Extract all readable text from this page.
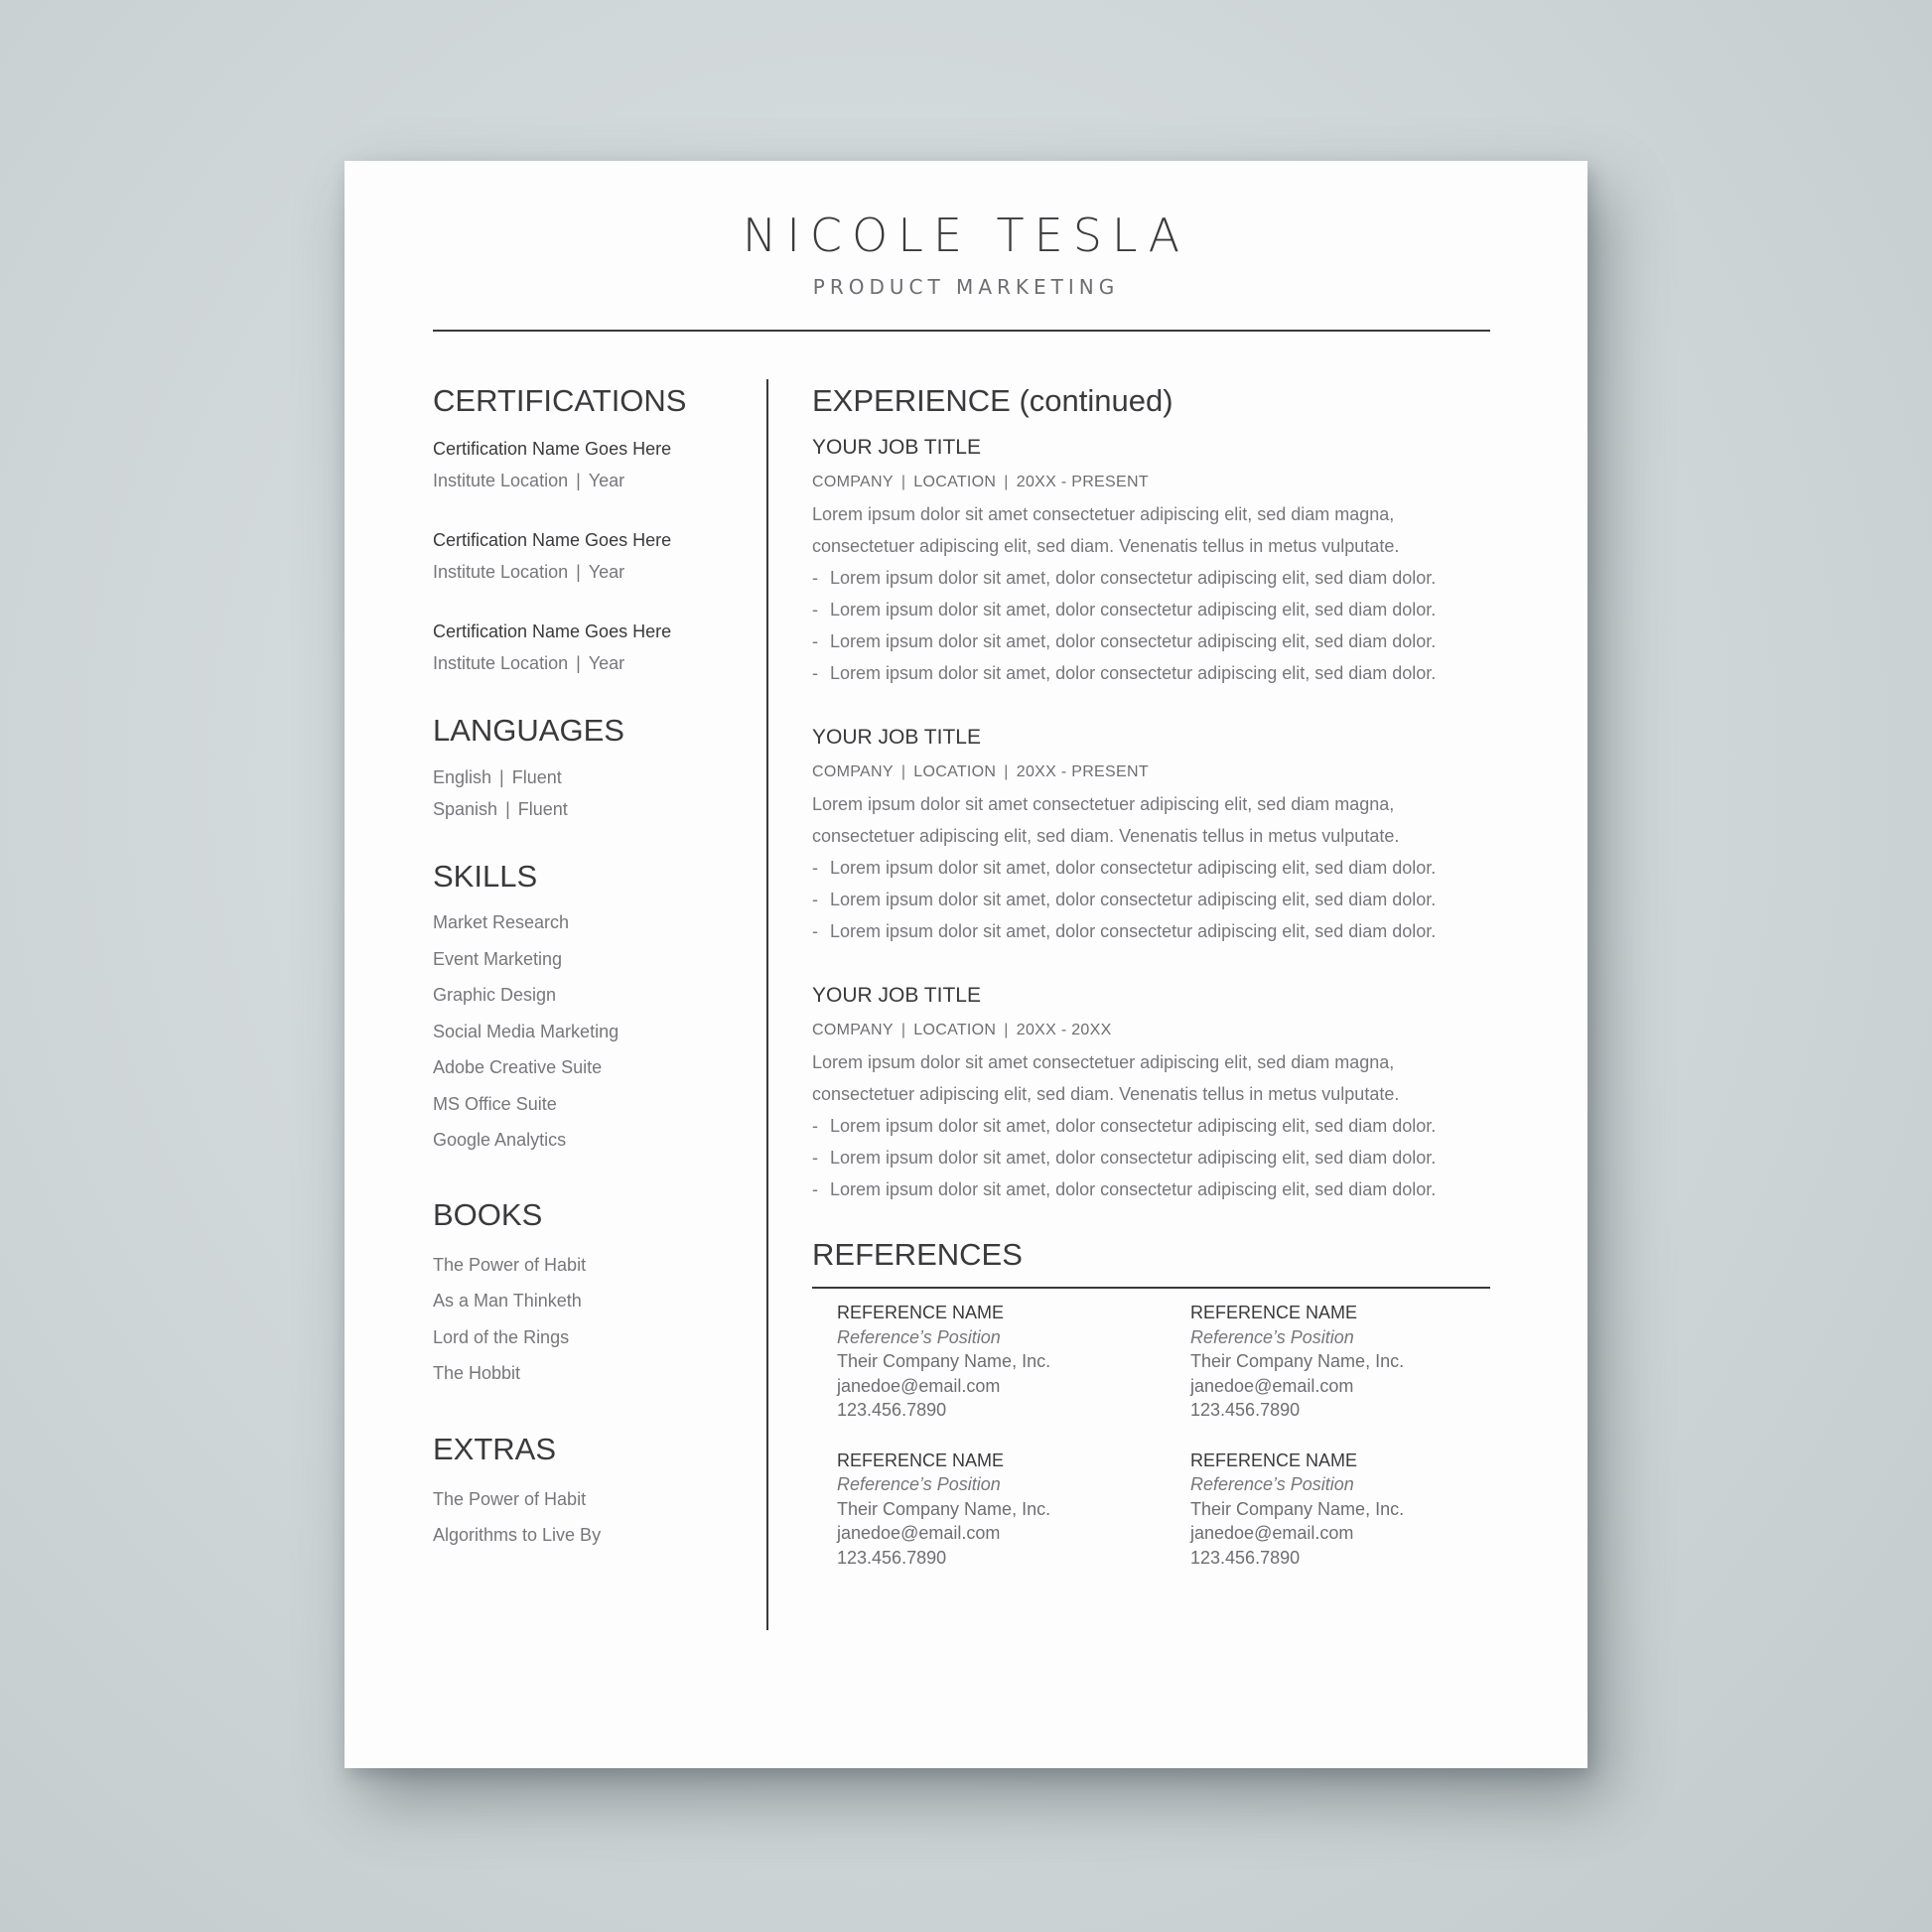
NICOLE TESLA
PRODUCT MARKETING
CERTIFICATIONS
Certification Name Goes Here
Institute Location | Year
Certification Name Goes Here
Institute Location | Year
Certification Name Goes Here
Institute Location | Year
LANGUAGES
English | Fluent
Spanish | Fluent
SKILLS
Market Research
Event Marketing
Graphic Design
Social Media Marketing
Adobe Creative Suite
MS Office Suite
Google Analytics
BOOKS
The Power of Habit
As a Man Thinketh
Lord of the Rings
The Hobbit
EXTRAS
The Power of Habit
Algorithms to Live By
EXPERIENCE (continued)
YOUR JOB TITLE
COMPANY | LOCATION | 20XX - PRESENT
Lorem ipsum dolor sit amet consectetuer adipiscing elit, sed diam magna,
consectetuer adipiscing elit, sed diam. Venenatis tellus in metus vulputate.
- Lorem ipsum dolor sit amet, dolor consectetur adipiscing elit, sed diam dolor.
- Lorem ipsum dolor sit amet, dolor consectetur adipiscing elit, sed diam dolor.
- Lorem ipsum dolor sit amet, dolor consectetur adipiscing elit, sed diam dolor.
- Lorem ipsum dolor sit amet, dolor consectetur adipiscing elit, sed diam dolor.
YOUR JOB TITLE
COMPANY | LOCATION | 20XX - PRESENT
Lorem ipsum dolor sit amet consectetuer adipiscing elit, sed diam magna,
consectetuer adipiscing elit, sed diam. Venenatis tellus in metus vulputate.
- Lorem ipsum dolor sit amet, dolor consectetur adipiscing elit, sed diam dolor.
- Lorem ipsum dolor sit amet, dolor consectetur adipiscing elit, sed diam dolor.
- Lorem ipsum dolor sit amet, dolor consectetur adipiscing elit, sed diam dolor.
YOUR JOB TITLE
COMPANY | LOCATION | 20XX - 20XX
Lorem ipsum dolor sit amet consectetuer adipiscing elit, sed diam magna,
consectetuer adipiscing elit, sed diam. Venenatis tellus in metus vulputate.
- Lorem ipsum dolor sit amet, dolor consectetur adipiscing elit, sed diam dolor.
- Lorem ipsum dolor sit amet, dolor consectetur adipiscing elit, sed diam dolor.
- Lorem ipsum dolor sit amet, dolor consectetur adipiscing elit, sed diam dolor.
REFERENCES
REFERENCE NAME
Reference’s Position
Their Company Name, Inc.
janedoe@email.com
123.456.7890
REFERENCE NAME
Reference’s Position
Their Company Name, Inc.
janedoe@email.com
123.456.7890
REFERENCE NAME
Reference’s Position
Their Company Name, Inc.
janedoe@email.com
123.456.7890
REFERENCE NAME
Reference’s Position
Their Company Name, Inc.
janedoe@email.com
123.456.7890
